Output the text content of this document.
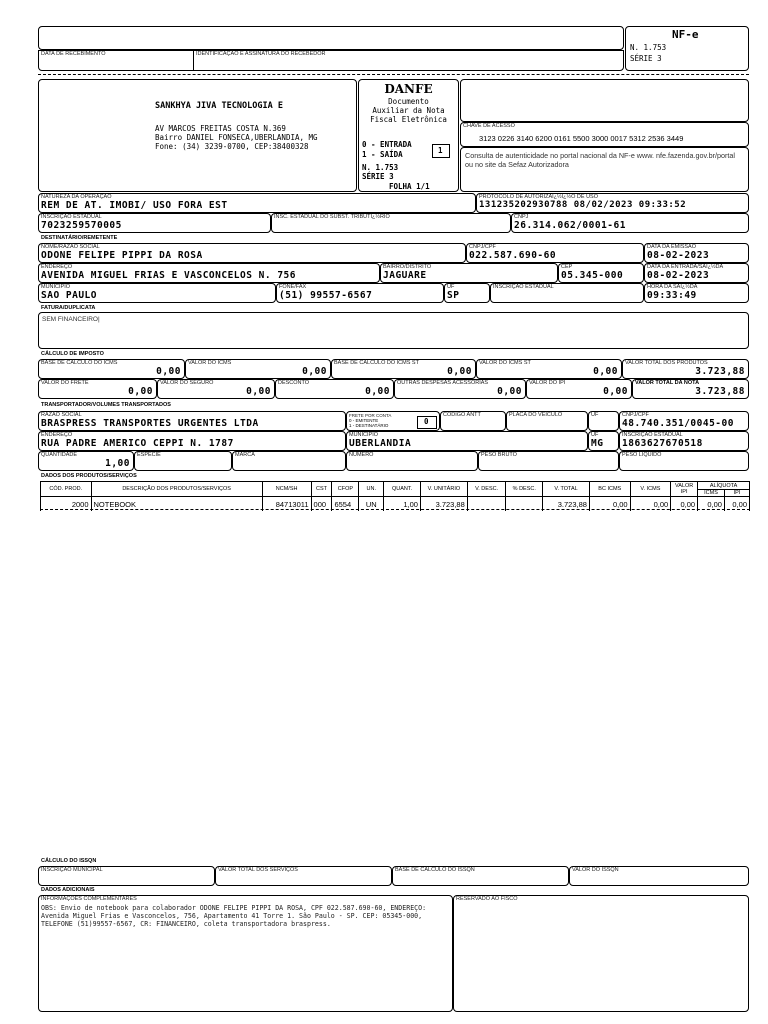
DATA DE RECEBIMENTO	IDENTIFICAÇÃO E ASSINATURA DO RECEBEDOR
NF-e
N. 1.753
SÉRIE 3
SANKHYA JIVA TECNOLOGIA E
AV MARCOS FREITAS COSTA N.369
Bairro DANIEL FONSECA,UBERLANDIA, MG
Fone: (34) 3239-0700, CEP:38400328
DANFE
Documento
Auxiliar da Nota
Fiscal Eletrônica
0 - ENTRADA
1 - SAÍDA	1
N. 1.753
SÉRIE 3
FOLHA 1/1
CHAVE DE ACESSO
3123 0226 3140 6200 0161 5500 3000 0017 5312 2536 3449
Consulta de autenticidade no portal nacional da NF-e www. nfe.fazenda.gov.br/portal ou no site da Sefaz Autorizadora
NATUREZA DA OPERAÇÃO
REM DE AT. IMOBI/ USO FORA EST
PROTOCOLO DE AUTORIZAÏ¿½Ï¿½O DE USO
131235202930788 08/02/2023 09:33:52
INSCRIÇÃO ESTADUAL
7023259570005
INSC. ESTADUAL DO SUBST. TRIBUTÏ¿½RIO	CNPJ
26.314.062/0001-61
DESTINATÁRIO/REMETENTE
NOME/RAZÃO SOCIAL
ODONE FELIPE PIPPI DA ROSA
CNPJ/CPF
022.587.690-60
DATA DA EMISSÃO
08-02-2023
ENDEREÇO
AVENIDA MIGUEL FRIAS E VASCONCELOS N. 756
BAIRRO/DISTRITO
JAGUARE
CEP
05.345-000
DATA DA ENTRADA/SAÏ¿½DA
08-02-2023
MUNICÍPIO
SAO PAULO
FONE/FAX
(51) 99557-6567
UF
SP
INSCRIÇÃO ESTADUAL	HORA DA SAÏ¿½DA
09:33:49
FATURA/DUPLICATA
SEM FINANCEIRO|
CÁLCULO DE IMPOSTO
BASE DE CÁLCULO DO ICMS
0,00
VALOR DO ICMS
0,00
BASE DE CÁLCULO DO ICMS ST
0,00
VALOR DO ICMS ST
0,00
VALOR TOTAL DOS PRODUTOS
3.723,88
VALOR DO FRETE
0,00
VALOR DO SEGURO
0,00
DESCONTO
0,00
OUTRAS DESPESAS ACESSÓRIAS
0,00
VALOR DO IPI
0,00
VALOR TOTAL DA NOTA
3.723,88
TRANSPORTADOR/VOLUMES TRANSPORTADOS
RAZÃO SOCIAL
BRASPRESS TRANSPORTES URGENTES LTDA
FRETE POR CONTA
0 - EMITENTE
1 - DESTINATÁRIO	0
CÓDIGO ANTT	PLACA DO VEÍCULO	UF	CNPJ/CPF
48.740.351/0045-00
ENDEREÇO
RUA PADRE AMERICO CEPPI N. 1787
MUNICÍPIO
UBERLANDIA
UF
MG
INSCRIÇÃO ESTADUAL
186362767051​8
QUANTIDADE
1,00
ESPÉCIE	MARCA	NÚMERO	PESO BRUTO	PESO LÍQUIDO
DADOS DOS PRODUTOS/SERVIÇOS
CÓD. PROD.	DESCRIÇÃO DOS PRODUTOS/SERVIÇOS	NCM/SH	CST	CFOP	UN.	QUANT.	V. UNITÁRIO	V. DESC.	% DESC.	V. TOTAL	BC ICMS	V. ICMS	VALOR IPI	ALÍQUOTA	
														ICMS	IPI
2000	NOTEBOOK	84713011	000	6554	UN	1,00	3.723,88			3.723,88	0,00	0,00	0,00	0,00	0,00
CÁLCULO DO ISSQN
INSCRIÇÃO MUNICIPAL	VALOR TOTAL DOS SERVIÇOS	BASE DE CÁLCULO DO ISSQN	VALOR DO ISSQN
DADOS ADICIONAIS
INFORMAÇÕES COMPLEMENTARES
OBS: Envio de notebook para colaborador ODONE FELIPE PIPPI DA ROSA, CPF 022.587.690-60, ENDEREÇO: Avenida Miguel Frias e Vasconcelos, 756, Apartamento 41 Torre 1. São Paulo - SP. CEP: 05345-000, TELEFONE (51)99557-6567, CR: FINANCEIRO, coleta transportadora braspress.
RESERVADO AO FISCO
